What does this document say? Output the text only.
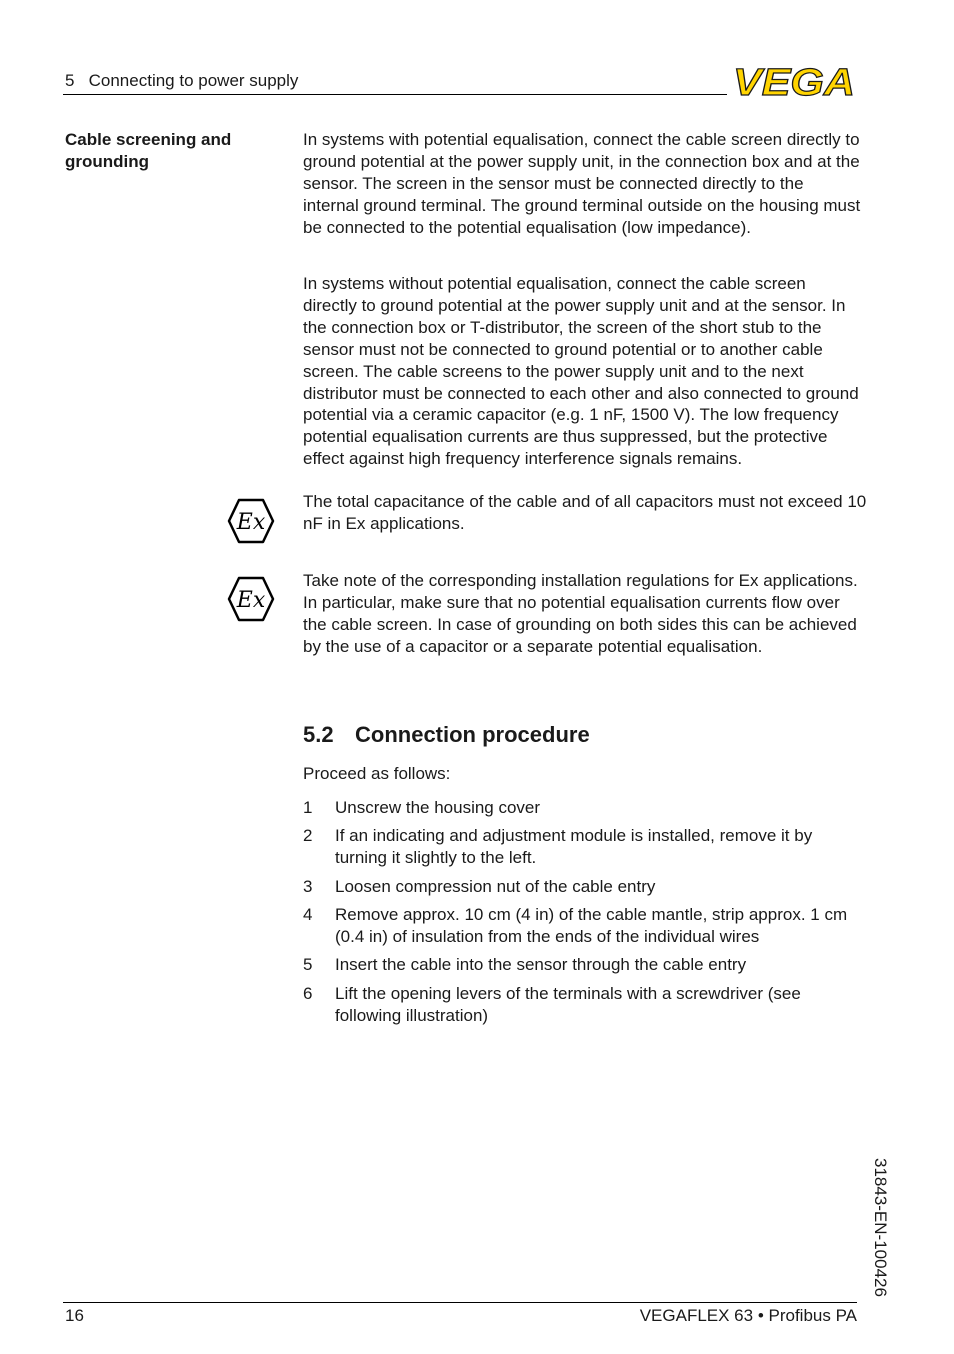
5   Connecting to power supply	VEGA
Cable screening and grounding

In systems with potential equalisation, connect the cable screen directly to ground potential at the power supply unit, in the connection box and at the sensor. The screen in the sensor must be connected directly to the internal ground terminal. The ground terminal outside on the housing must be connected to the potential equalisation (low impedance).

In systems without potential equalisation, connect the cable screen directly to ground potential at the power supply unit and at the sensor. In the connection box or T-distributor, the screen of the short stub to the sensor must not be connected to ground potential or to another cable screen. The cable screens to the power supply unit and to the next distributor must be connected to each other and also connected to ground potential via a ceramic capacitor (e.g. 1 nF, 1500 V). The low frequency potential equalisation currents are thus suppressed, but the protective effect against high frequency interference signals remains.

Ex

The total capacitance of the cable and of all capacitors must not exceed 10 nF in Ex applications.

Ex

Take note of the corresponding installation regulations for Ex applications. In particular, make sure that no potential equalisation currents flow over the cable screen. In case of grounding on both sides this can be achieved by the use of a capacitor or a separate potential equalisation.

5.2 Connection procedure
Proceed as follows:
1	Unscrew the housing cover
2	If an indicating and adjustment module is installed, remove it by turning it slightly to the left.
3	Loosen compression nut of the cable entry
4	Remove approx. 10 cm (4 in) of the cable mantle, strip approx. 1 cm (0.4 in) of insulation from the ends of the individual wires
5	Insert the cable into the sensor through the cable entry
6	Lift the opening levers of the terminals with a screwdriver (see following illustration)
31843-EN-100426
16	VEGAFLEX 63 • Profibus PA
